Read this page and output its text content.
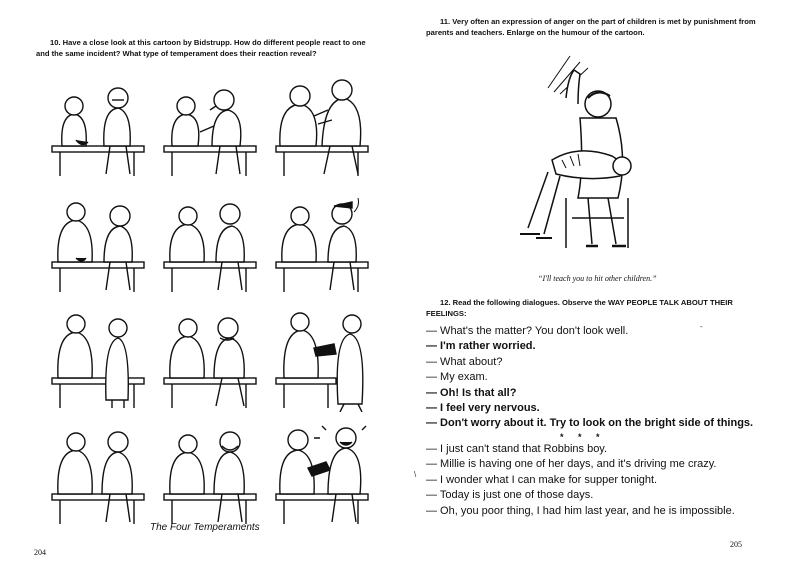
10. Have a close look at this cartoon by Bidstrupp. How do different people react to one and the same incident? What type of temperament does their reaction reveal?
The Four Temperaments
204
11. Very often an expression of anger on the part of children is met by punishment from parents and teachers. Enlarge on the humour of the cartoon.
“I'll teach you to hit other children.”
12. Read the following dialogues. Observe the WAY PEOPLE TALK ABOUT THEIR FEELINGS:
— What's the matter? You don't look well.
— I'm rather worried.
— What about?
— My exam.
— Oh! Is that all?
— I feel very nervous.
— Don't worry about it. Try to look on the bright side of things.
* * *
— I just can't stand that Robbins boy.
— Millie is having one of her days, and it's driving me crazy.
— I wonder what I can make for supper tonight.
— Today is just one of those days.
— Oh, you poor thing, I had him last year, and he is impossible.
-
\
205
